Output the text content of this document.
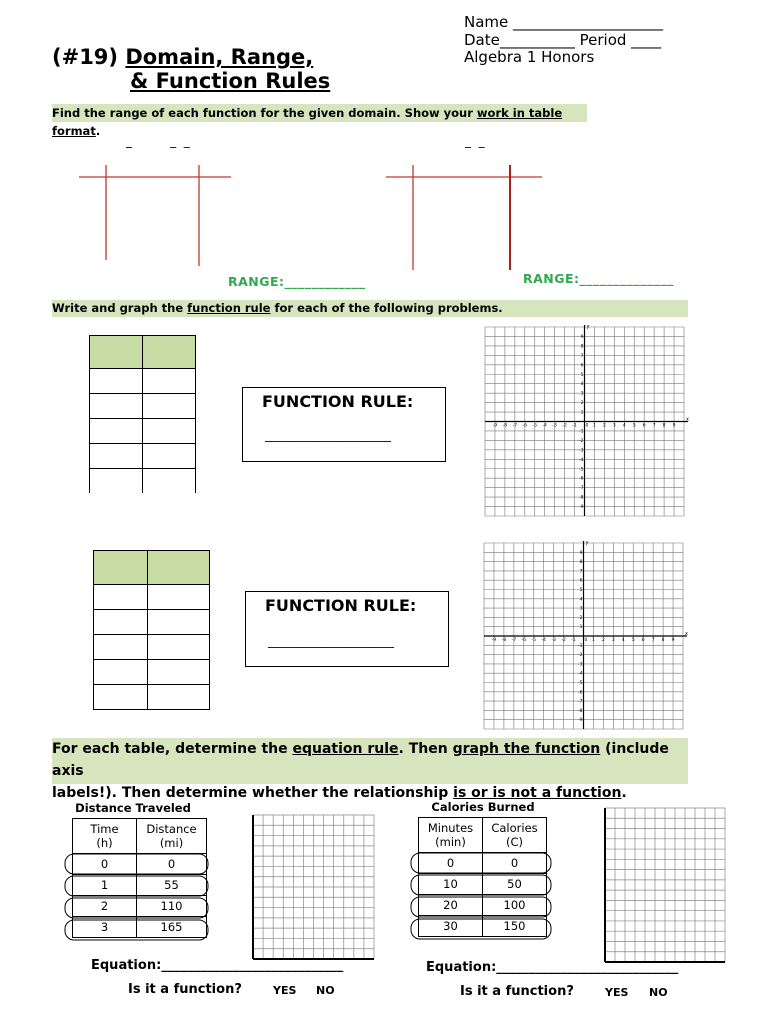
Name ____________________
Date__________ Period ____
Algebra 1 Honors
(#19) Domain, Range,
& Function Rules
Find the range of each function for the given domain. Show your work in table format.
_          _  _	_  _
RANGE:____________	RANGE:______________
Write and graph the function rule for each of the following problems.

FUNCTION RULE:
_____________________

FUNCTION RULE:
_____________________
x
y
-9 -8 -7 -6 -5 -4 -3 -2 -1 0 1 2 3 4 5 6 7 8 9
9
8
7
6
5
4
3
2
1
-1
-2
-3
-4
-5
-6
-7
-8
-9
x
y
-9 -8 -7 -6 -5 -4 -3 -2 -1 0 1 2 3 4 5 6 7 8 9
9
8
7
6
5
4
3
2
1
-1
-2
-3
-4
-5
-6
-7
-8
-9
For each table, determine the equation rule. Then graph the function (include axis
labels!). Then determine whether the relationship is or is not a function.
Distance Traveled
Time
(h)	Distance
(mi)
0	0
1	55
2	110
3	165
Calories Burned
Minutes
(min)	Calories
(C)
0	0
10	50
20	100
30	150
Equation:____________________________	Equation:____________________________
Is it a function?	YES NO	Is it a function?	YES NO
